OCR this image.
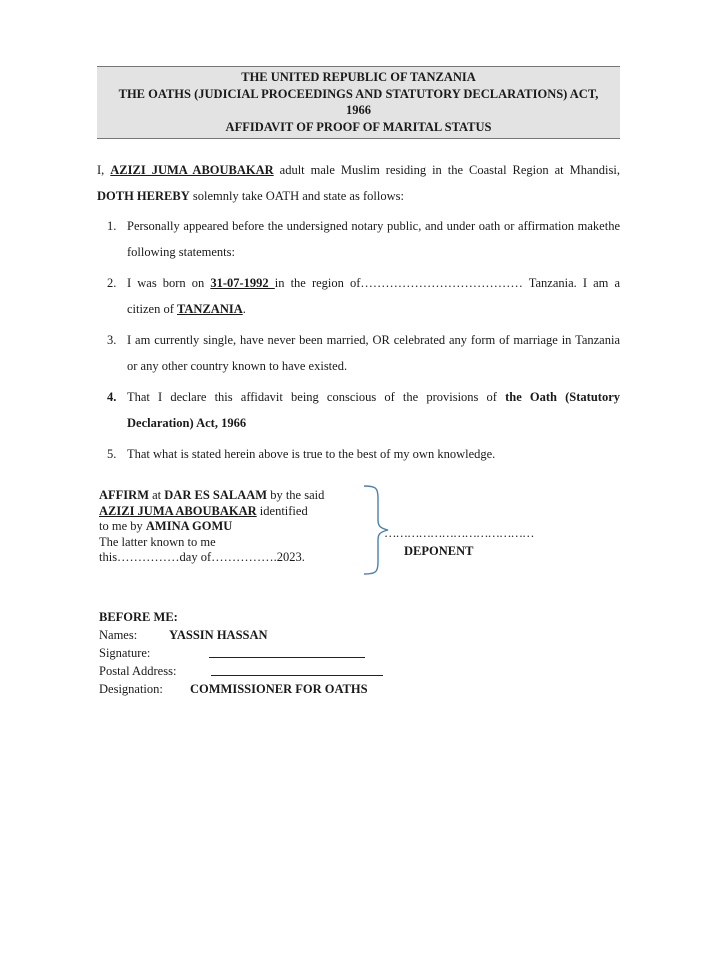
THE UNITED REPUBLIC OF TANZANIA
THE OATHS (JUDICIAL PROCEEDINGS AND STATUTORY DECLARATIONS) ACT,
1966
AFFIDAVIT OF PROOF OF MARITAL STATUS
I, AZIZI JUMA ABOUBAKAR adult male Muslim residing in the Coastal Region at Mhandisi, DOTH HEREBY solemnly take OATH and state as follows:
1. Personally appeared before the undersigned notary public, and under oath or affirmation makethe following statements:
2. I was born on 31-07-1992 in the region of………………………………… Tanzania. I am a citizen of TANZANIA.
3. I am currently single, have never been married, OR celebrated any form of marriage in Tanzania or any other country known to have existed.
4. That I declare this affidavit being conscious of the provisions of the Oath (Statutory Declaration) Act, 1966
5. That what is stated herein above is true to the best of my own knowledge.
AFFIRM at DAR ES SALAAM by the said
AZIZI JUMA ABOUBAKAR identified
to me by AMINA GOMU
The latter known to me
this……………day of…………….2023.
…………………………………
DEPONENT
BEFORE ME:
Names:	YASSIN HASSAN
Signature:
Postal Address:
Designation: COMMISSIONER FOR OATHS
